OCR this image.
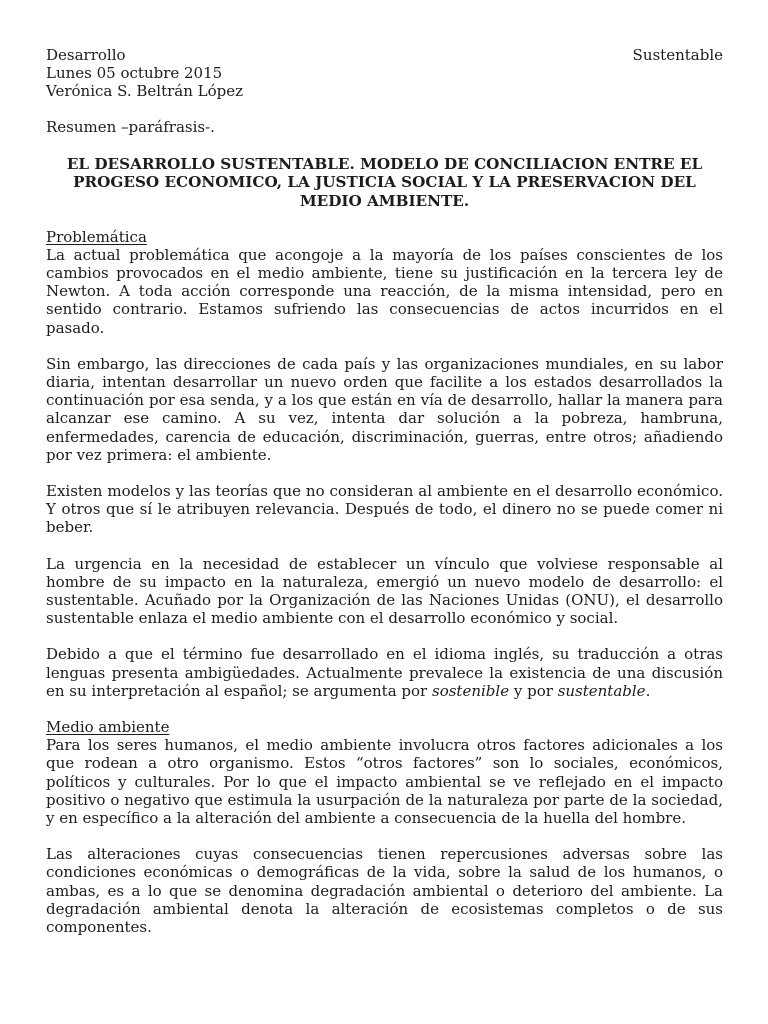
Desarrollo	Sustentable
Lunes 05 octubre 2015
Verónica S. Beltrán López
Resumen –paráfrasis-.
EL DESARROLLO SUSTENTABLE. MODELO DE CONCILIACION ENTRE EL PROGESO ECONOMICO, LA JUSTICIA SOCIAL Y LA PRESERVACION DEL MEDIO AMBIENTE.
Problemática

La actual problemática que acongoje a la mayoría de los países conscientes de los cambios provocados en el medio ambiente, tiene su justificación en la tercera ley de Newton. A toda acción corresponde una reacción, de la misma intensidad, pero en sentido contrario. Estamos sufriendo las consecuencias de actos incurridos en el pasado.

Sin embargo, las direcciones de cada país y las organizaciones mundiales, en su labor diaria, intentan desarrollar un nuevo orden que facilite a los estados desarrollados la continuación por esa senda, y a los que están en vía de desarrollo, hallar la manera para alcanzar ese camino. A su vez, intenta dar solución a la pobreza, hambruna, enfermedades, carencia de educación, discriminación, guerras, entre otros; añadiendo por vez primera: el ambiente.

Existen modelos y las teorías que no consideran al ambiente en el desarrollo económico. Y otros que sí le atribuyen relevancia. Después de todo, el dinero no se puede comer ni beber.

La urgencia en la necesidad de establecer un vínculo que volviese responsable al hombre de su impacto en la naturaleza, emergió un nuevo modelo de desarrollo: el sustentable. Acuñado por la Organización de las Naciones Unidas (ONU), el desarrollo sustentable enlaza el medio ambiente con el desarrollo económico y social.

Debido a que el término fue desarrollado en el idioma inglés, su traducción a otras lenguas presenta ambigüedades. Actualmente prevalece la existencia de una discusión en su interpretación al español; se argumenta por sostenible y por sustentable.

Medio ambiente

Para los seres humanos, el medio ambiente involucra otros factores adicionales a los que rodean a otro organismo. Estos “otros factores” son lo sociales, económicos, políticos y culturales. Por lo que el impacto ambiental se ve reflejado en el impacto positivo o negativo que estimula la usurpación de la naturaleza por parte de la sociedad, y en específico a la alteración del ambiente a consecuencia de la huella del hombre.

Las alteraciones cuyas consecuencias tienen repercusiones adversas sobre las condiciones económicas o demográficas de la vida, sobre la salud de los humanos, o ambas, es a lo que se denomina degradación ambiental o deterioro del ambiente. La degradación ambiental denota la alteración de ecosistemas completos o de sus componentes.
